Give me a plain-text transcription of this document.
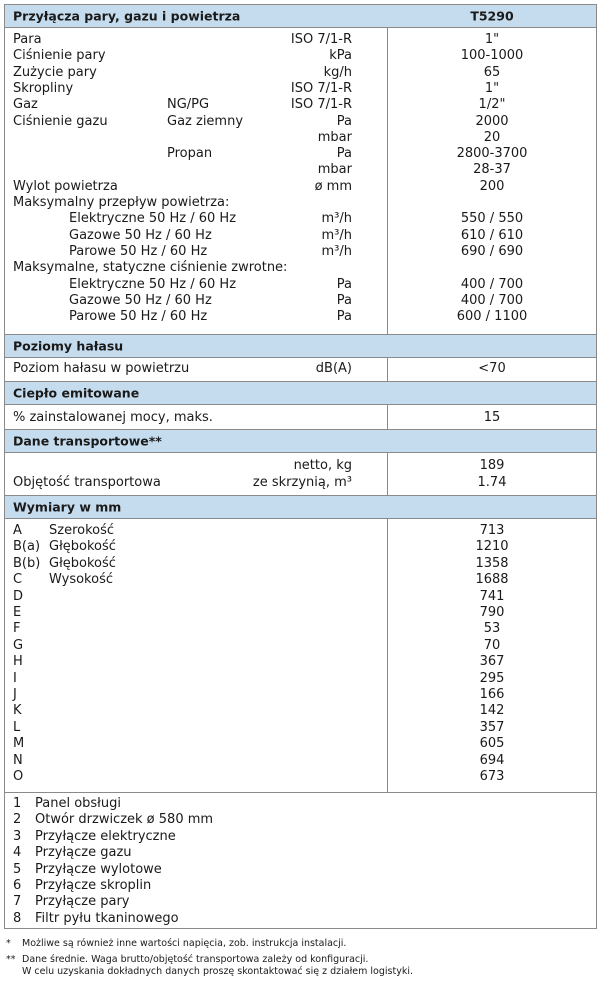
Przyłącza pary, gazu i powietrza	T5290
Para	ISO 7/1-R	1"
Ciśnienie pary	kPa	100-1000
Zużycie pary	kg/h	65
Skropliny	ISO 7/1-R	1"
Gaz	NG/PG	ISO 7/1-R	1/2"
Ciśnienie gazu	Gaz ziemny	Pa	2000
mbar	20
Propan	Pa	2800-3700
mbar	28-37
Wylot powietrza	ø mm	200
Maksymalny przepływ powietrza:
Elektryczne 50 Hz / 60 Hz	m³/h	550 / 550
Gazowe 50 Hz / 60 Hz	m³/h	610 / 610
Parowe 50 Hz / 60 Hz	m³/h	690 / 690
Maksymalne, statyczne ciśnienie zwrotne:
Elektryczne 50 Hz / 60 Hz	Pa	400 / 700
Gazowe 50 Hz / 60 Hz	Pa	400 / 700
Parowe 50 Hz / 60 Hz	Pa	600 / 1100
Poziomy hałasu
Poziom hałasu w powietrzu	dB(A)	<70
Ciepło emitowane
% zainstalowanej mocy, maks.	15
Dane transportowe**
netto, kg	189
Objętość transportowa	ze skrzynią, m³	1.74
Wymiary w mm
A Szerokość	713
B(a) Głębokość	1210
B(b) Głębokość	1358
C Wysokość	1688
D	741
E	790
F	53
G	70
H	367
I	295
J	166
K	142
L	357
M	605
N	694
O	673
1 Panel obsługi
2 Otwór drzwiczek ø 580 mm
3 Przyłącze elektryczne
4 Przyłącze gazu
5 Przyłącze wylotowe
6 Przyłącze skroplin
7 Przyłącze pary
8 Filtr pyłu tkaninowego
* Możliwe są również inne wartości napięcia, zob. instrukcja instalacji.
** Dane średnie. Waga brutto/objętość transportowa zależy od konfiguracji.
W celu uzyskania dokładnych danych proszę skontaktować się z działem logistyki.
